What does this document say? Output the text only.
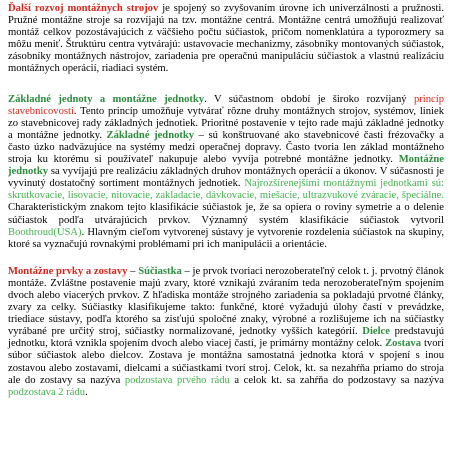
Ďalší rozvoj montážnych strojov je spojený so zvyšovaním úrovne ich univerzálnosti a pružnosti. Pružné montážne stroje sa rozvíjajú na tzv. montážne centrá. Montážne centrá umožňujú realizovať montáž celkov pozostávajúcich z väčšieho počtu súčiastok, pričom nomenklatúra a typorozmery sa môžu meniť. Štruktúru centra vytvárajú: ustavovacie mechanizmy, zásobníky montovaných súčiastok, zásobníky montážnych nástrojov, zariadenia pre operačnú manipuláciu súčiastok a vlastnú realizáciu montážnych operácií, riadiaci systém.

Základné jednoty a montážne jednotky. V súčastnom období je široko rozvíjaný princíp stavebnicovosti. Tento princíp umožňuje vytvárať rôzne druhy montážnych strojov, systémov, liniek zo stavebnicovej rady základných jednotiek. Prioritné postavenie v tejto rade majú základné jednotky a montážne jednotky. Základné jednotky – sú konštruované ako stavebnicové časti frézovačky a často úzko nadväzujúce na systémy medzi operačnej dopravy. Často tvoria len základ montážneho stroja ku ktorému si používateľ nakupuje alebo vyvíja potrebné montážne jednotky. Montážne jednotky sa vyvíjajú pre realizáciu základných druhov montážnych operácií a úkonov. V súčasnosti je vyvinutý dostatočný sortiment montážnych jednotiek. Najrozšírenejšími montážnymi jednotkami sú: skrutkovacie, lisovacie, nitovacie, zakladacie, dávkovacie, miešacie, ultrazvukové zváracie, špeciálne. Charakteristickým znakom tejto klasifikácie súčiastok je, že sa opiera o roviny symetrie a o delenie súčiastok podľa utvárajúcich prvkov. Významný systém klasifikácie súčiastok vytvoril Boothroud(USA). Hlavným cieľom vytvorenej sústavy je vytvorenie rozdelenia súčiastok na skupiny, ktoré sa vyznačujú rovnakými problémami pri ich manipulácii a orientácie.

Montážne prvky a zostavy – Súčiastka – je prvok tvoriaci nerozoberateľný celok t. j. prvotný článok montáže. Zvláštne postavenie majú zvary, ktoré vznikajú zváraním teda nerozoberateľným spojením dvoch alebo viacerých prvkov. Z hľadiska montáže strojného zariadenia sa pokladajú prvotné články, zvary za celky. Súčiastky klasifikujeme takto: funkčné, ktoré vyžadujú úlohy častí v prevádzke, triediace sústavy, podľa ktorého sa zisťujú spoločné znaky, výrobné a rozlišujeme ich na súčiastky vyrábané pre určitý stroj, súčiastky normalizované, jednotky vyšších kategórií. Dielce predstavujú jednotku, ktorá vznikla spojením dvoch alebo viacej častí, je primárny montážny celok. Zostava tvorí súbor súčiastok alebo dielcov. Zostava je montážna samostatná jednotka ktorá v spojení s inou zostavou alebo zostavami, dielcami a súčiastkami tvorí stroj. Celok, kt. sa nezahŕňa priamo do stroja ale do zostavy sa nazýva podzostava prvého rádu a celok kt. sa zahŕňa do podzostavy sa nazýva podzostava 2 rádu.
